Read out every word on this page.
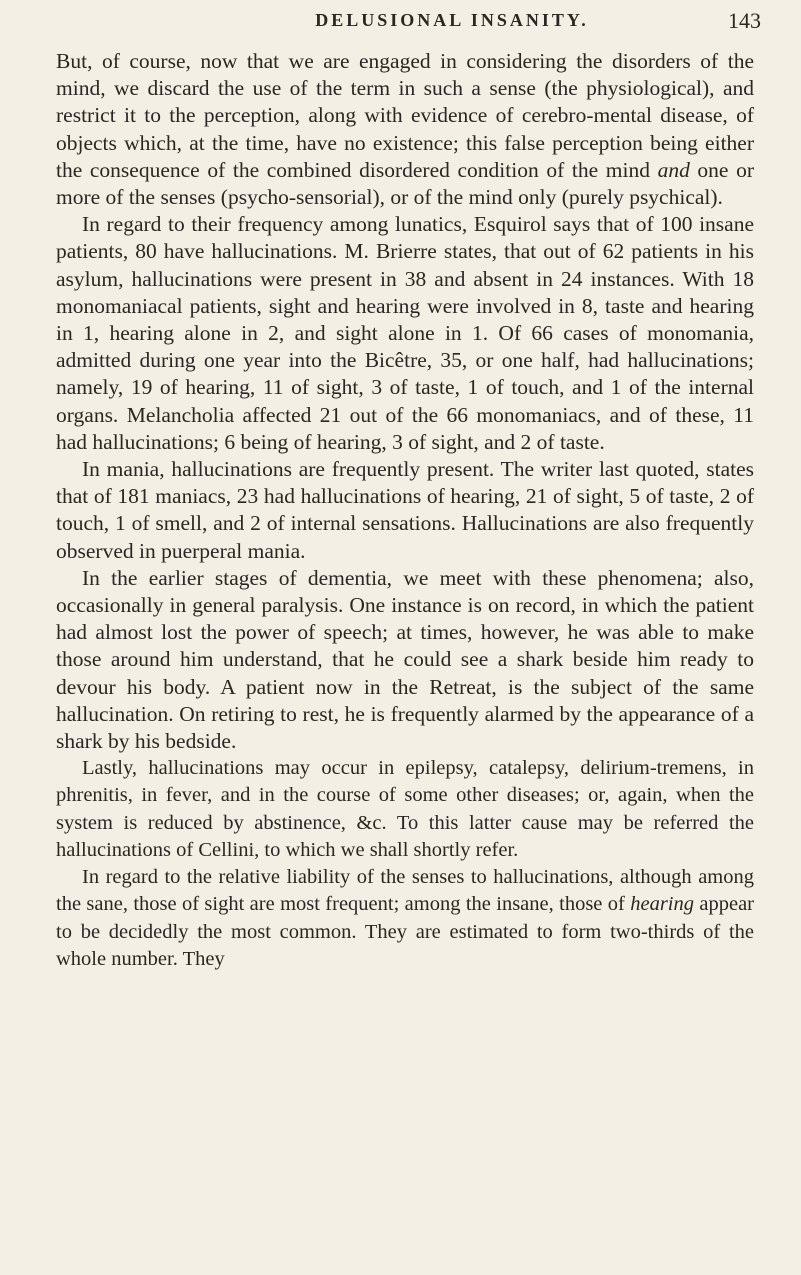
DELUSIONAL INSANITY.	143

But, of course, now that we are engaged in considering the disorders of the mind, we discard the use of the term in such a sense (the physiological), and restrict it to the perception, along with evidence of cerebro-mental disease, of objects which, at the time, have no existence; this false perception being either the consequence of the combined disordered condition of the mind and one or more of the senses (psycho-sensorial), or of the mind only (purely psychical).

In regard to their frequency among lunatics, Esquirol says that of 100 insane patients, 80 have hallucinations. M. Brierre states, that out of 62 patients in his asylum, hallucinations were present in 38 and absent in 24 instances. With 18 monomaniacal patients, sight and hearing were involved in 8, taste and hearing in 1, hearing alone in 2, and sight alone in 1. Of 66 cases of monomania, admitted during one year into the Bicêtre, 35, or one half, had hallucinations; namely, 19 of hearing, 11 of sight, 3 of taste, 1 of touch, and 1 of the internal organs. Melancholia affected 21 out of the 66 monomaniacs, and of these, 11 had hallucinations; 6 being of hearing, 3 of sight, and 2 of taste.

In mania, hallucinations are frequently present. The writer last quoted, states that of 181 maniacs, 23 had hallucinations of hearing, 21 of sight, 5 of taste, 2 of touch, 1 of smell, and 2 of internal sensations. Hallucinations are also frequently observed in puerperal mania.

In the earlier stages of dementia, we meet with these phenomena; also, occasionally in general paralysis. One instance is on record, in which the patient had almost lost the power of speech; at times, however, he was able to make those around him understand, that he could see a shark beside him ready to devour his body. A patient now in the Retreat, is the subject of the same hallucination. On retiring to rest, he is frequently alarmed by the appearance of a shark by his bedside.

Lastly, hallucinations may occur in epilepsy, catalepsy, delirium-tremens, in phrenitis, in fever, and in the course of some other diseases; or, again, when the system is reduced by abstinence, &c. To this latter cause may be referred the hallucinations of Cellini, to which we shall shortly refer.

In regard to the relative liability of the senses to hallucinations, although among the sane, those of sight are most frequent; among the insane, those of hearing appear to be decidedly the most common. They are estimated to form two-thirds of the whole number. They
